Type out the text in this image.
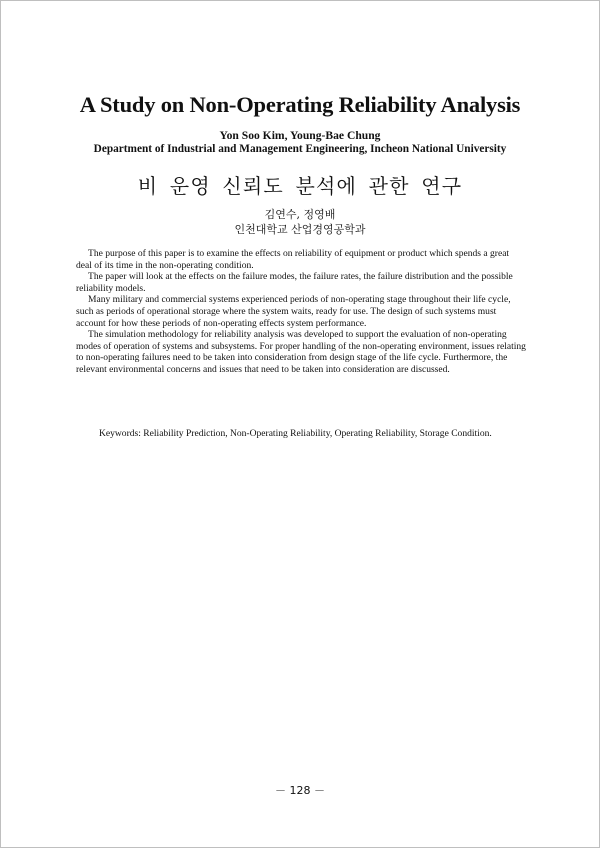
A Study on Non-Operating Reliability Analysis
Yon Soo Kim, Young-Bae Chung
Department of Industrial and Management Engineering, Incheon National University
비 운영 신뢰도 분석에 관한 연구
김연수, 정영배
인천대학교 산업경영공학과

The purpose of this paper is to examine the effects on reliability of equipment or product which spends a great deal of its time in the non-operating condition.

The paper will look at the effects on the failure modes, the failure rates, the failure distribution and the possible reliability models.

Many military and commercial systems experienced periods of non-operating stage throughout their life cycle, such as periods of operational storage where the system waits, ready for use. The design of such systems must account for how these periods of non-operating effects system performance.

The simulation methodology for reliability analysis was developed to support the evaluation of non-operating modes of operation of systems and subsystems. For proper handling of the non-operating environment, issues relating to non-operating failures need to be taken into consideration from design stage of the life cycle. Furthermore, the relevant environmental concerns and issues that need to be taken into consideration are discussed.

Keywords: Reliability Prediction, Non-Operating Reliability, Operating Reliability, Storage Condition.

－ 128 －
